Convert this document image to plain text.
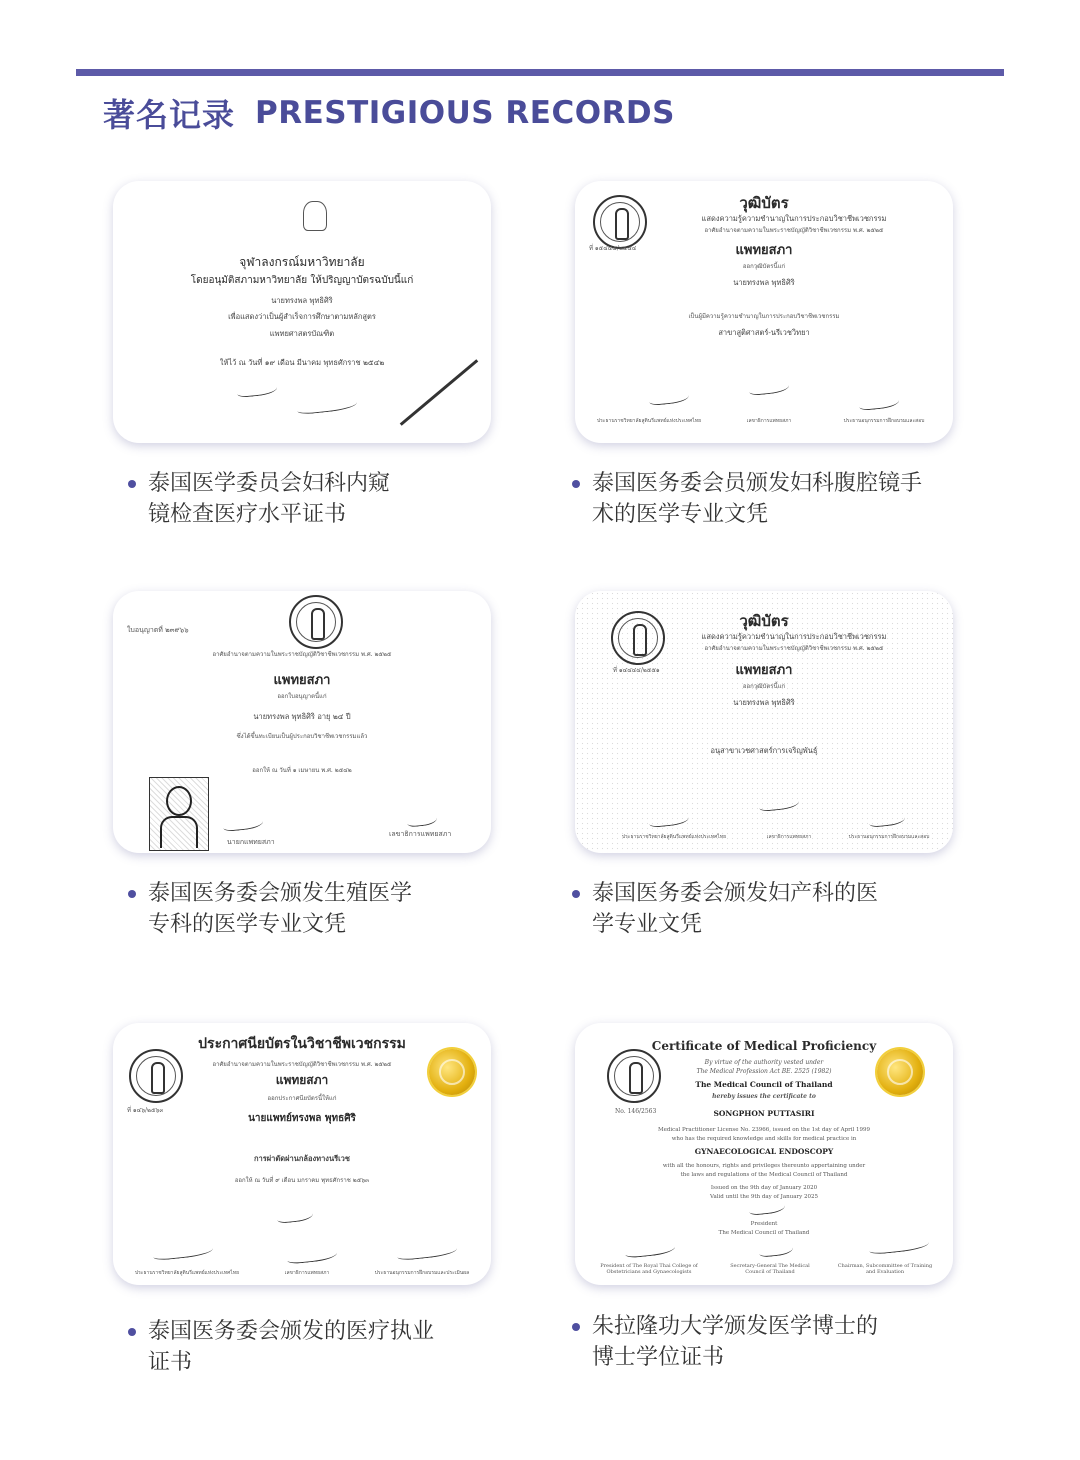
著名记录 PRESTIGIOUS RECORDS
จุฬาลงกรณ์มหาวิทยาลัย
โดยอนุมัติสภามหาวิทยาลัย ให้ปริญญาบัตรฉบับนี้แก่
นายทรงพล พุทธิศิริ
เพื่อแสดงว่าเป็นผู้สำเร็จการศึกษาตามหลักสูตร
แพทยศาสตรบัณฑิต
ให้ไว้ ณ วันที่ ๑๙ เดือน มีนาคม พุทธศักราช ๒๕๔๒
วุฒิบัตร
แสดงความรู้ความชำนาญในการประกอบวิชาชีพเวชกรรม
อาศัยอำนาจตามความในพระราชบัญญัติวิชาชีพเวชกรรม พ.ศ. ๒๕๒๕
ที่ ๑๕๔๔๕/๒๕๕๔	แพทยสภา
ออกวุฒิบัตรนี้แก่
นายทรงพล พุทธิศิริ
เป็นผู้มีความรู้ความชำนาญในการประกอบวิชาชีพเวชกรรม
สาขาสูติศาสตร์-นรีเวชวิทยา
ประธานราชวิทยาลัยสูตินรีแพทย์แห่งประเทศไทย	เลขาธิการแพทยสภา	ประธานอนุกรรมการฝึกอบรมและสอบ
ใบอนุญาตที่ ๒๓๙๖๖
อาศัยอำนาจตามความในพระราชบัญญัติวิชาชีพเวชกรรม พ.ศ. ๒๕๒๕
แพทยสภา
ออกใบอนุญาตนี้แก่
นายทรงพล พุทธิศิริ อายุ ๒๔ ปี
ซึ่งได้ขึ้นทะเบียนเป็นผู้ประกอบวิชาชีพเวชกรรมแล้ว
ออกให้ ณ วันที่ ๑ เมษายน พ.ศ. ๒๕๔๒
นายกแพทยสภา
เลขาธิการแพทยสภา
วุฒิบัตร
แสดงความรู้ความชำนาญในการประกอบวิชาชีพเวชกรรม
อาศัยอำนาจตามความในพระราชบัญญัติวิชาชีพเวชกรรม พ.ศ. ๒๕๒๕
ที่ ๑๔๔๔๔/๒๕๕๑	แพทยสภา
ออกวุฒิบัตรนี้แก่
นายทรงพล พุทธิศิริ
อนุสาขาเวชศาสตร์การเจริญพันธุ์
ประธานราชวิทยาลัยสูตินรีแพทย์แห่งประเทศไทย	เลขาธิการแพทยสภา	ประธานอนุกรรมการฝึกอบรมและสอบ
ประกาศนียบัตรในวิชาชีพเวชกรรม
อาศัยอำนาจตามความในพระราชบัญญัติวิชาชีพเวชกรรม พ.ศ. ๒๕๒๕
แพทยสภา
ที่ ๑๔๖/๒๕๖๓
ออกประกาศนียบัตรนี้ให้แก่
นายแพทย์ทรงพล พุทธศิริ
การผ่าตัดผ่านกล้องทางนรีเวช
ออกให้ ณ วันที่ ๙ เดือน มกราคม พุทธศักราช ๒๕๖๓
ประธานราชวิทยาลัยสูตินรีแพทย์แห่งประเทศไทย	เลขาธิการแพทยสภา	ประธานอนุกรรมการฝึกอบรมและประเมินผล
Certificate of Medical Proficiency
By virtue of the authority vested under
The Medical Profession Act BE. 2525 (1982)
The Medical Council of Thailand
hereby issues the certificate to
No. 146/2563	SONGPHON PUTTASIRI
Medical Practitioner License No. 23966, issued on the 1st day of April 1999
who has the required knowledge and skills for medical practice in
GYNAECOLOGICAL ENDOSCOPY
with all the honours, rights and privileges thereunto appertaining under
the laws and regulations of the Medical Council of Thailand
Issued on the 9th day of January 2020
Valid until the 9th day of January 2025
President
The Medical Council of Thailand
President of The Royal Thai College of Obstetricians and Gynaecologists
Secretary-General The Medical Council of Thailand
Chairman, Subcommittee of Training and Evaluation
泰国医学委员会妇科内窥镜检查医疗水平证书
泰国医务委会员颁发妇科腹腔镜手术的医学专业文凭
泰国医务委会颁发生殖医学专科的医学专业文凭
泰国医务委会颁发妇产科的医学专业文凭
泰国医务委会颁发的医疗执业证书
朱拉隆功大学颁发医学博士的博士学位证书
